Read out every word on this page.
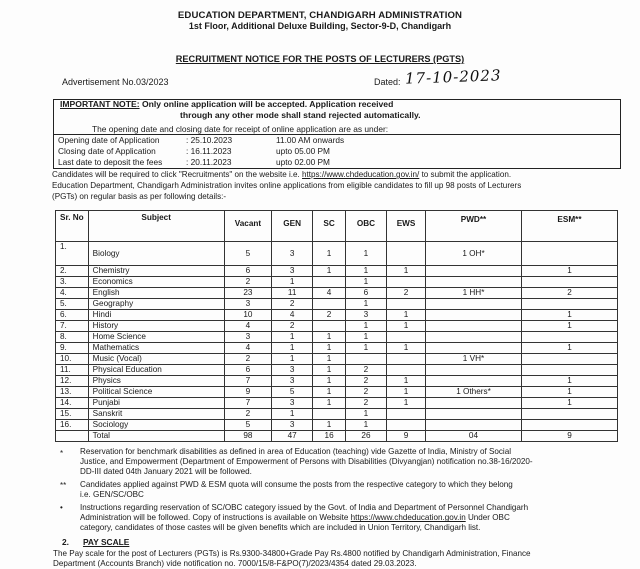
EDUCATION DEPARTMENT, CHANDIGARH ADMINISTRATION
1st Floor, Additional Deluxe Building, Sector-9-D, Chandigarh
RECRUITMENT NOTICE FOR THE POSTS OF LECTURERS (PGTS)
Advertisement No.03/2023	Dated: 17-10-2023
IMPORTANT NOTE: Only online application will be accepted. Application received
through any other mode shall stand rejected automatically.
The opening date and closing date for receipt of online application are as under:
Opening date of Application	: 25.10.2023	11.00 AM onwards
Closing date of Application	: 16.11.2023	upto 05.00 PM
Last date to deposit the fees	: 20.11.2023	upto 02.00 PM
Candidates will be required to click "Recruitments" on the website i.e. https://www.chdeducation.gov.in/ to submit the application.
Education Department, Chandigarh Administration invites online applications from eligible candidates to fill up 98 posts of Lecturers
(PGTs) on regular basis as per following details:-
Sr. No	Subject	Vacant	GEN	SC	OBC	EWS	PWD**	ESM**
1.	Biology	5	3	1	1		1 OH*	
2.	Chemistry	6	3	1	1	1		1
3.	Economics	2	1		1			
4.	English	23	11	4	6	2	1 HH*	2
5.	Geography	3	2		1			
6.	Hindi	10	4	2	3	1		1
7.	History	4	2		1	1		1
8.	Home Science	3	1	1	1			
9.	Mathematics	4	1	1	1	1		1
10.	Music (Vocal)	2	1	1			1 VH*	
11.	Physical Education	6	3	1	2			
12.	Physics	7	3	1	2	1		1
13.	Political Science	9	5	1	2	1	1 Others*	1
14.	Punjabi	7	3	1	2	1		1
15.	Sanskrit	2	1		1			
16.	Sociology	5	3	1	1			
	Total	98	47	16	26	9	04	9
* Reservation for benchmark disabilities as defined in area of Education (teaching) vide Gazette of India, Ministry of Social
Justice, and Empowerment (Department of Empowerment of Persons with Disabilities (Divyangjan) notification no.38-16/2020-
DD-III dated 04th January 2021 will be followed.
** Candidates applied against PWD & ESM quota will consume the posts from the respective category to which they belong
i.e. GEN/SC/OBC
• Instructions regarding reservation of SC/OBC category issued by the Govt. of India and Department of Personnel Chandigarh
Administration will be followed. Copy of instructions is available on Website https://www.chdeducation.gov.in Under OBC
category, candidates of those castes will be given benefits which are included in Union Territory, Chandigarh list.
2. PAY SCALE
The Pay scale for the post of Lecturers (PGTs) is Rs.9300-34800+Grade Pay Rs.4800 notified by Chandigarh Administration, Finance
Department (Accounts Branch) vide notification no. 7000/15/8-F&PO(7)/2023/4354 dated 29.03.2023.
